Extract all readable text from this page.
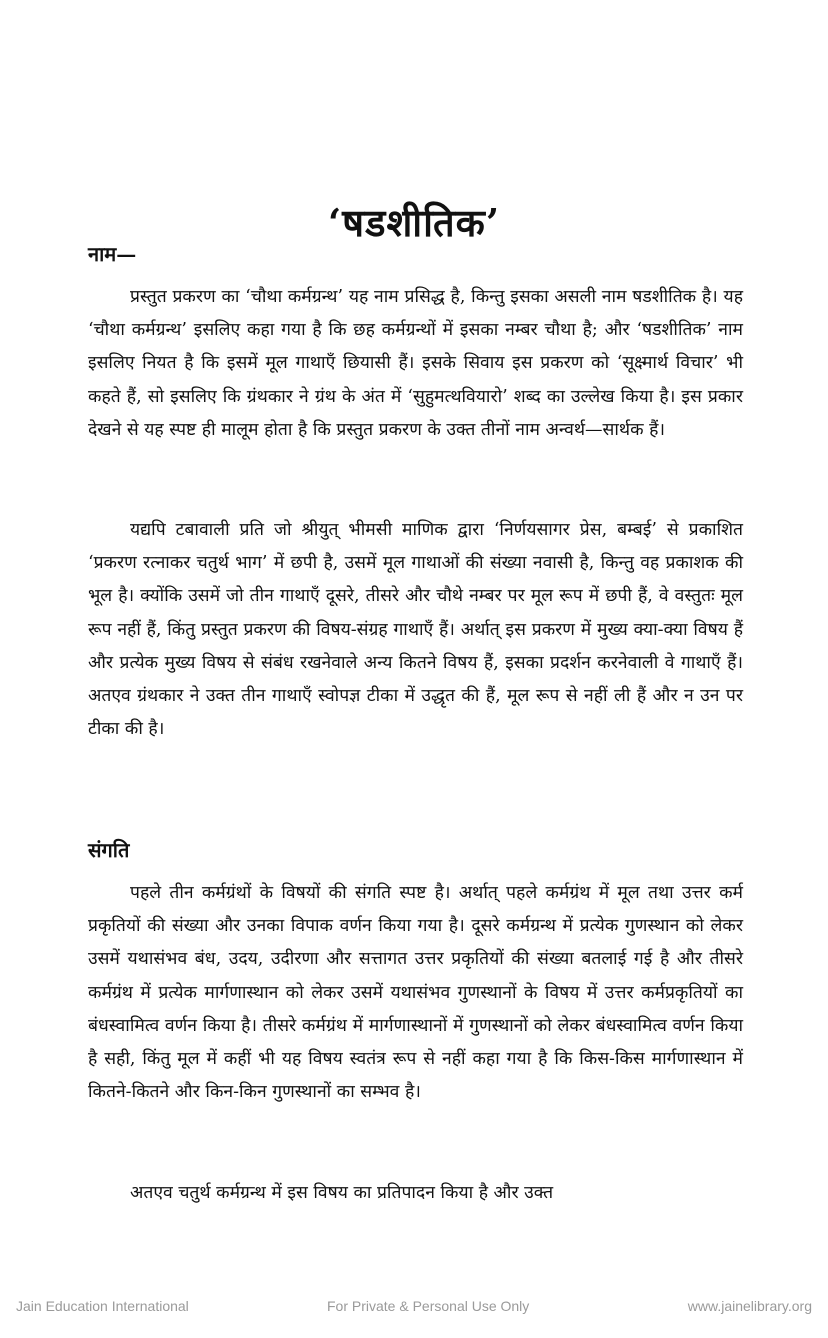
‘षडशीतिक’
नाम—

प्रस्तुत प्रकरण का ‘चौथा कर्मग्रन्थ’ यह नाम प्रसिद्ध है, किन्तु इसका असली नाम षडशीतिक है। यह ‘चौथा कर्मग्रन्थ’ इसलिए कहा गया है कि छह कर्मग्रन्थों में इसका नम्बर चौथा है; और ‘षडशीतिक’ नाम इसलिए नियत है कि इसमें मूल गाथाएँ छियासी हैं। इसके सिवाय इस प्रकरण को ‘सूक्ष्मार्थ विचार’ भी कहते हैं, सो इसलिए कि ग्रंथकार ने ग्रंथ के अंत में ‘सुहुमत्थवियारो’ शब्द का उल्लेख किया है। इस प्रकार देखने से यह स्पष्ट ही मालूम होता है कि प्रस्तुत प्रकरण के उक्त तीनों नाम अन्वर्थ—सार्थक हैं।

यद्यपि टबावाली प्रति जो श्रीयुत् भीमसी माणिक द्वारा ‘निर्णयसागर प्रेस, बम्बई’ से प्रकाशित ‘प्रकरण रत्नाकर चतुर्थ भाग’ में छपी है, उसमें मूल गाथाओं की संख्या नवासी है, किन्तु वह प्रकाशक की भूल है। क्योंकि उसमें जो तीन गाथाएँ दूसरे, तीसरे और चौथे नम्बर पर मूल रूप में छपी हैं, वे वस्तुतः मूल रूप नहीं हैं, किंतु प्रस्तुत प्रकरण की विषय-संग्रह गाथाएँ हैं। अर्थात् इस प्रकरण में मुख्य क्या-क्या विषय हैं और प्रत्येक मुख्य विषय से संबंध रखनेवाले अन्य कितने विषय हैं, इसका प्रदर्शन करनेवाली वे गाथाएँ हैं। अतएव ग्रंथकार ने उक्त तीन गाथाएँ स्वोपज्ञ टीका में उद्धृत की हैं, मूल रूप से नहीं ली हैं और न उन पर टीका की है।

संगति

पहले तीन कर्मग्रंथों के विषयों की संगति स्पष्ट है। अर्थात् पहले कर्मग्रंथ में मूल तथा उत्तर कर्म प्रकृतियों की संख्या और उनका विपाक वर्णन किया गया है। दूसरे कर्मग्रन्थ में प्रत्येक गुणस्थान को लेकर उसमें यथासंभव बंध, उदय, उदीरणा और सत्तागत उत्तर प्रकृतियों की संख्या बतलाई गई है और तीसरे कर्मग्रंथ में प्रत्येक मार्गणास्थान को लेकर उसमें यथासंभव गुणस्थानों के विषय में उत्तर कर्मप्रकृतियों का बंधस्वामित्व वर्णन किया है। तीसरे कर्मग्रंथ में मार्गणास्थानों में गुणस्थानों को लेकर बंधस्वामित्व वर्णन किया है सही, किंतु मूल में कहीं भी यह विषय स्वतंत्र रूप से नहीं कहा गया है कि किस-किस मार्गणास्थान में कितने-कितने और किन-किन गुणस्थानों का सम्भव है।

अतएव चतुर्थ कर्मग्रन्थ में इस विषय का प्रतिपादन किया है और उक्त

Jain Education International	For Private & Personal Use Only	www.jainelibrary.org
